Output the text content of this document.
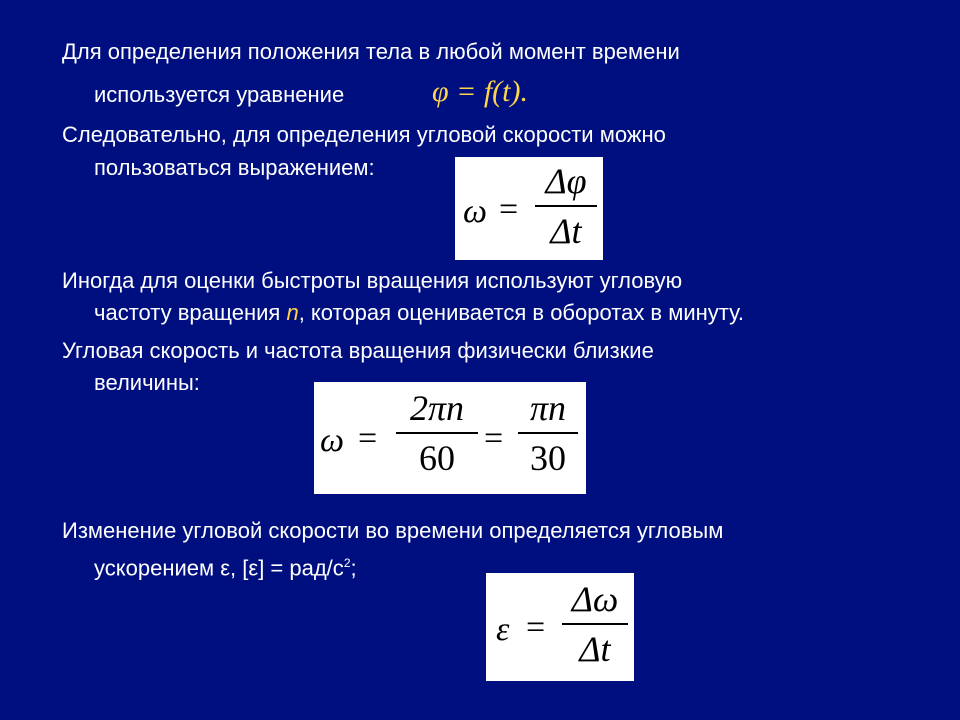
Для определения положения тела в любой момент времени
используется уравнение	φ = f(t).
Следовательно, для определения угловой скорости можно
пользоваться выражением:
ω =
Δφ
Δt
Иногда для оценки быстроты вращения используют угловую
частоту вращения n, которая оценивается в оборотах в минуту.
Угловая скорость и частота вращения физически близкие
величины:
ω =
2πn
60 =
πn
30
Изменение угловой скорости во времени определяется угловым
ускорением ε, [ε] = рад/$с^2$;
ε =
Δω
Δt
